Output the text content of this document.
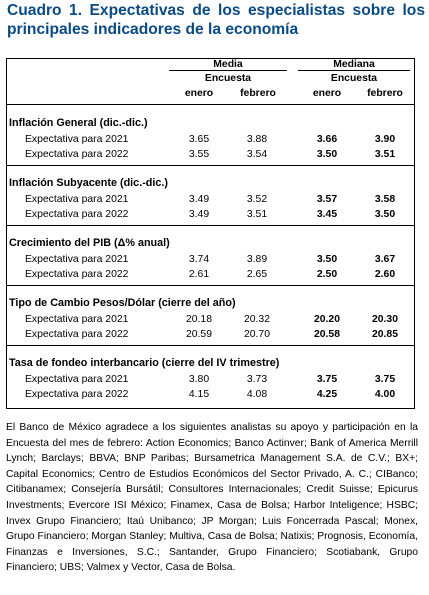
Cuadro 1. Expectativas de los especialistas sobre los principales indicadores de la economía
Media	Mediana
Encuesta	Encuesta
enero	febrero	enero	febrero
Inflación General (dic.-dic.)
Expectativa para 2021	3.65	3.88	3.66	3.90
Expectativa para 2022	3.55	3.54	3.50	3.51
Inflación Subyacente (dic.-dic.)
Expectativa para 2021	3.49	3.52	3.57	3.58
Expectativa para 2022	3.49	3.51	3.45	3.50
Crecimiento del PIB (Δ% anual)
Expectativa para 2021	3.74	3.89	3.50	3.67
Expectativa para 2022	2.61	2.65	2.50	2.60
Tipo de Cambio Pesos/Dólar (cierre del año)
Expectativa para 2021	20.18	20.32	20.20	20.30
Expectativa para 2022	20.59	20.70	20.58	20.85
Tasa de fondeo interbancario (cierre del IV trimestre)
Expectativa para 2021	3.80	3.73	3.75	3.75
Expectativa para 2022	4.15	4.08	4.25	4.00
El Banco de México agradece a los siguientes analistas su apoyo y participación en la Encuesta del mes de febrero: Action Economics; Banco Actinver; Bank of America Merrill Lynch; Barclays; BBVA; BNP Paribas; Bursametrica Management S.A. de C.V.; BX+; Capital Economics; Centro de Estudios Económicos del Sector Privado, A. C.; CIBanco; Citibanamex; Consejería Bursátil; Consultores Internacionales; Credit Suisse; Epicurus Investments; Evercore ISI México; Finamex, Casa de Bolsa; Harbor Inteligence; HSBC; Invex Grupo Financiero; Itaú Unibanco; JP Morgan; Luis Foncerrada Pascal; Monex, Grupo Financiero; Morgan Stanley; Multiva, Casa de Bolsa; Natixis; Prognosis, Economía, Finanzas e Inversiones, S.C.; Santander, Grupo Financiero; Scotiabank, Grupo Financiero; UBS; Valmex y Vector, Casa de Bolsa.
